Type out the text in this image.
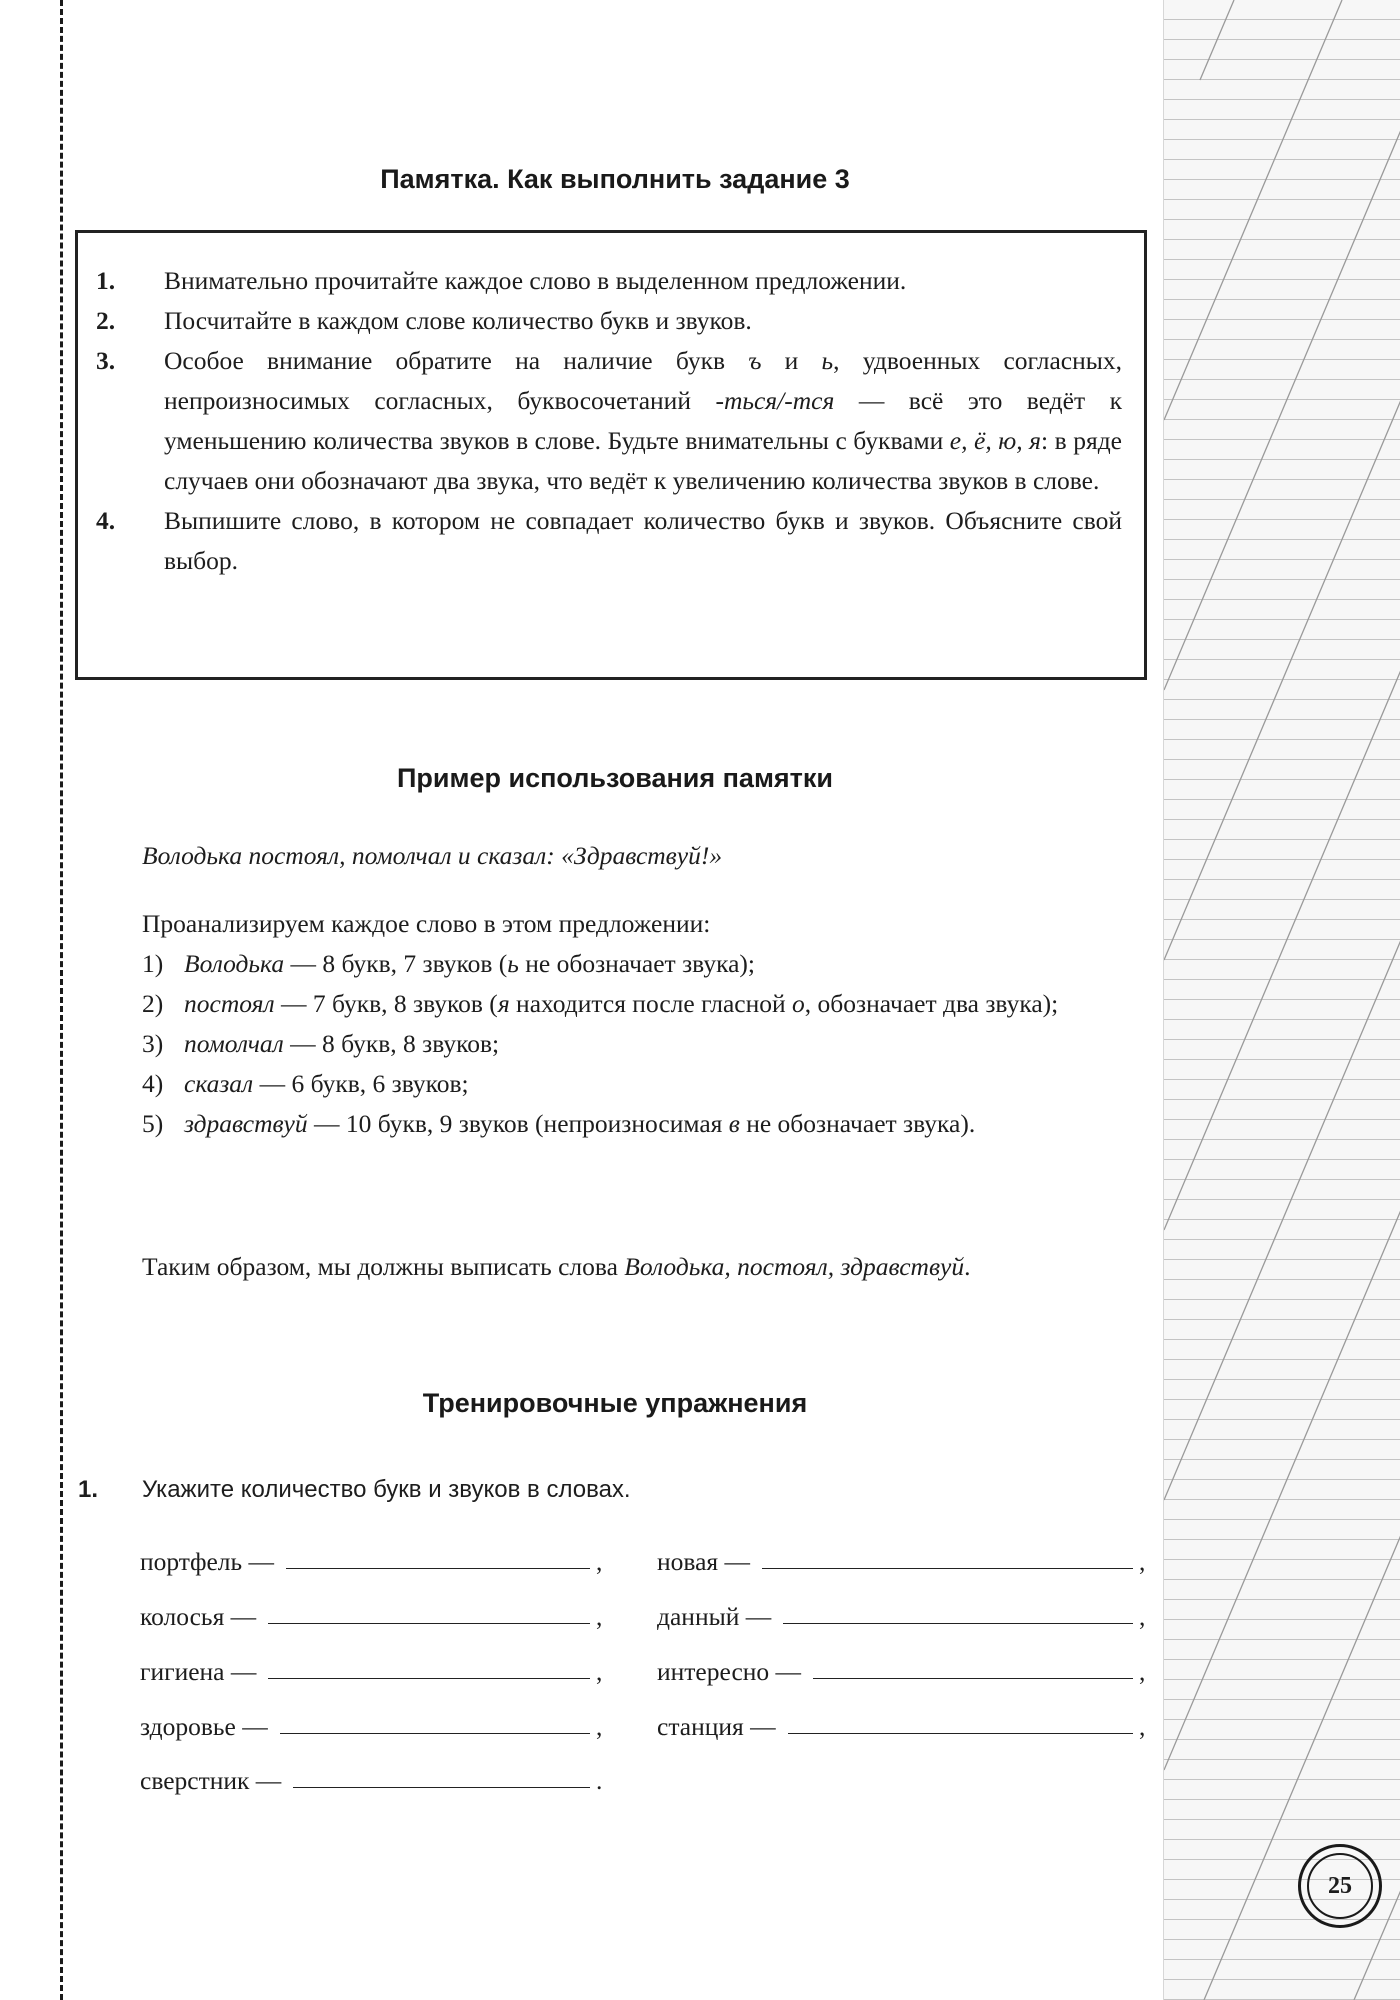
Памятка. Как выполнить задание 3
1.	Внимательно прочитайте каждое слово в выделенном предложении.
2.	Посчитайте в каждом слове количество букв и звуков.
3.	Особое внимание обратите на наличие букв ъ и ь, удвоенных согласных, непроизносимых согласных, буквосочетаний -ться/-тся — всё это ведёт к уменьшению количества звуков в слове. Будьте внимательны с буквами е, ё, ю, я: в ряде случаев они обозначают два звука, что ведёт к увеличению количества звуков в слове.
4.	Выпишите слово, в котором не совпадает количество букв и звуков. Объясните свой выбор.
Пример использования памятки

Володька постоял, помолчал и сказал: «Здравствуй!»

Проанализируем каждое слово в этом предложении:
1) Володька — 8 букв, 7 звуков (ь не обозначает звука);
2) постоял — 7 букв, 8 звуков (я находится после гласной о, обозначает два звука);
3) помолчал — 8 букв, 8 звуков;
4) сказал — 6 букв, 6 звуков;
5) здравствуй — 10 букв, 9 звуков (непроизносимая в не обозначает звука).

Таким образом, мы должны выписать слова Володька, постоял, здравствуй.

Тренировочные упражнения
1. Укажите количество букв и звуков в словах.
портфель —	,
колосья —	,
гигиена —	,
здоровье —	,
сверстник —	.
новая —	,
данный —	,
интересно —	,
станция —	,
25
